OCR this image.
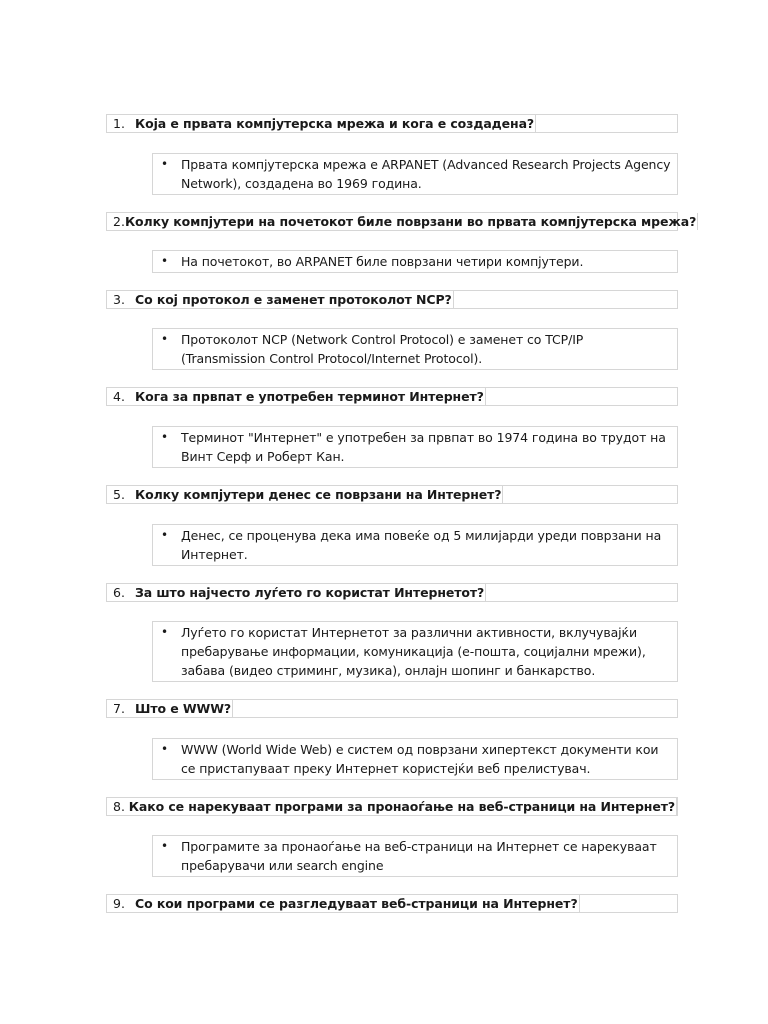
1. Која е првата компјутерска мрежа и кога е создадена?
• Првата компјутерска мрежа е ARPANET (Advanced Research Projects Agency Network), создадена во 1969 година.
2. Колку компјутери на почетокот биле поврзани во првата компјутерска мрежа?
• На почетокот, во ARPANET биле поврзани четири компјутери.
3. Со кој протокол е заменет протоколот NCP?
• Протоколот NCP (Network Control Protocol) е заменет со TCP/IP (Transmission Control Protocol/Internet Protocol).
4. Кога за првпат е употребен терминот Интернет?
• Терминот "Интернет" е употребен за првпат во 1974 година во трудот на Винт Серф и Роберт Кан.
5. Колку компјутери денес се поврзани на Интернет?
• Денес, се проценува дека има повеќе од 5 милијарди уреди поврзани на Интернет.
6. За што најчесто луѓето го користат Интернетот?
• Луѓето го користат Интернетот за различни активности, вклучувајќи пребарување информации, комуникација (е-пошта, социјални мрежи), забава (видео стриминг, музика), онлајн шопинг и банкарство.
7. Што е WWW?
• WWW (World Wide Web) е систем од поврзани хипертекст документи кои се пристапуваат преку Интернет користејќи веб прелистувач.
8. Како се нарекуваат програми за пронаоѓање на веб-страници на Интернет?
• Програмите за пронаоѓање на веб-страници на Интернет се нарекуваат пребарувачи или search engine
9. Со кои програми се разгледуваат веб-страници на Интернет?
